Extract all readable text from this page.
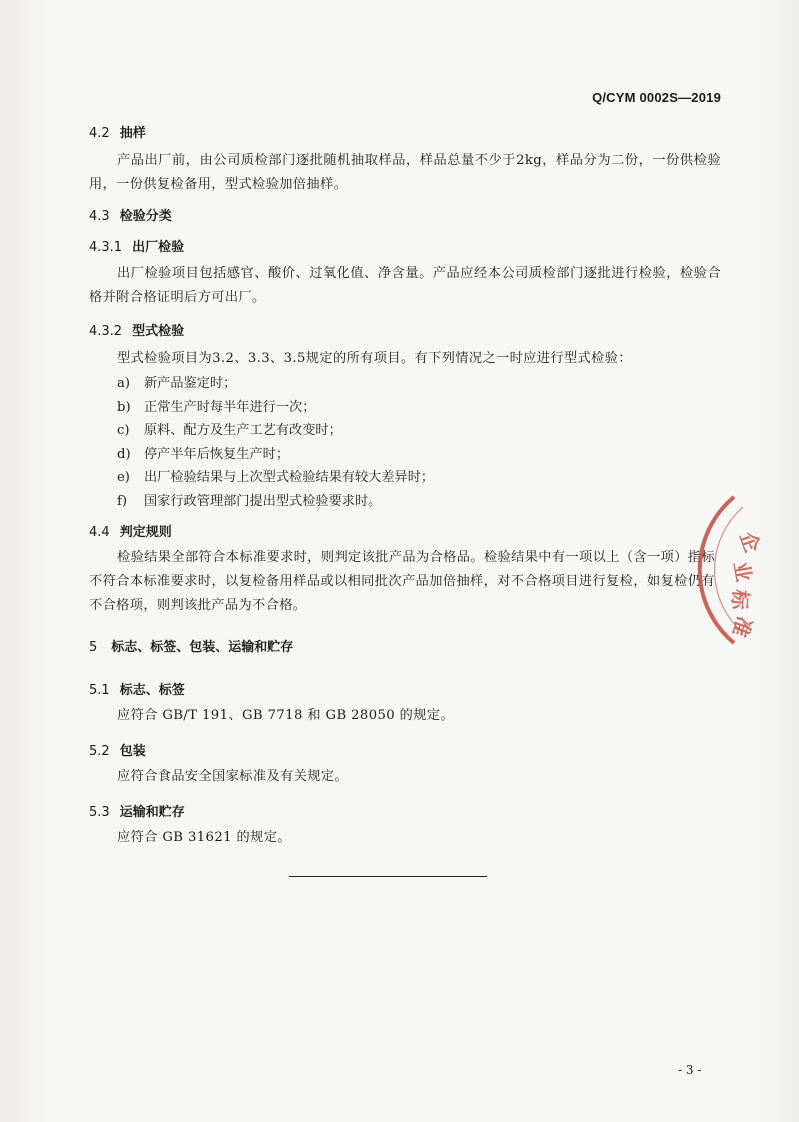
Q/CYM 0002S—2019
4.2 抽样
产品出厂前，由公司质检部门逐批随机抽取样品，样品总量不少于2kg，样品分为二份，一份供检验用，一份供复检备用，型式检验加倍抽样。
4.3 检验分类
4.3.1 出厂检验
出厂检验项目包括感官、酸价、过氧化值、净含量。产品应经本公司质检部门逐批进行检验，检验合格并附合格证明后方可出厂。
4.3.2 型式检验
型式检验项目为3.2、3.3、3.5规定的所有项目。有下列情况之一时应进行型式检验：
a)	新产品鉴定时；
b)	正常生产时每半年进行一次；
c)	原料、配方及生产工艺有改变时；
d)	停产半年后恢复生产时；
e)	出厂检验结果与上次型式检验结果有较大差异时；
f)	国家行政管理部门提出型式检验要求时。
4.4 判定规则
检验结果全部符合本标准要求时，则判定该批产品为合格品。检验结果中有一项以上（含一项）指标不符合本标准要求时，以复检备用样品或以相同批次产品加倍抽样，对不合格项目进行复检，如复检仍有不合格项，则判该批产品为不合格。
5 标志、标签、包装、运输和贮存
5.1 标志、标签
应符合 GB/T 191、GB 7718 和 GB 28050 的规定。
5.2 包装
应符合食品安全国家标准及有关规定。
5.3 运输和贮存
应符合 GB 31621 的规定。
- 3 -
企
业
标
准
